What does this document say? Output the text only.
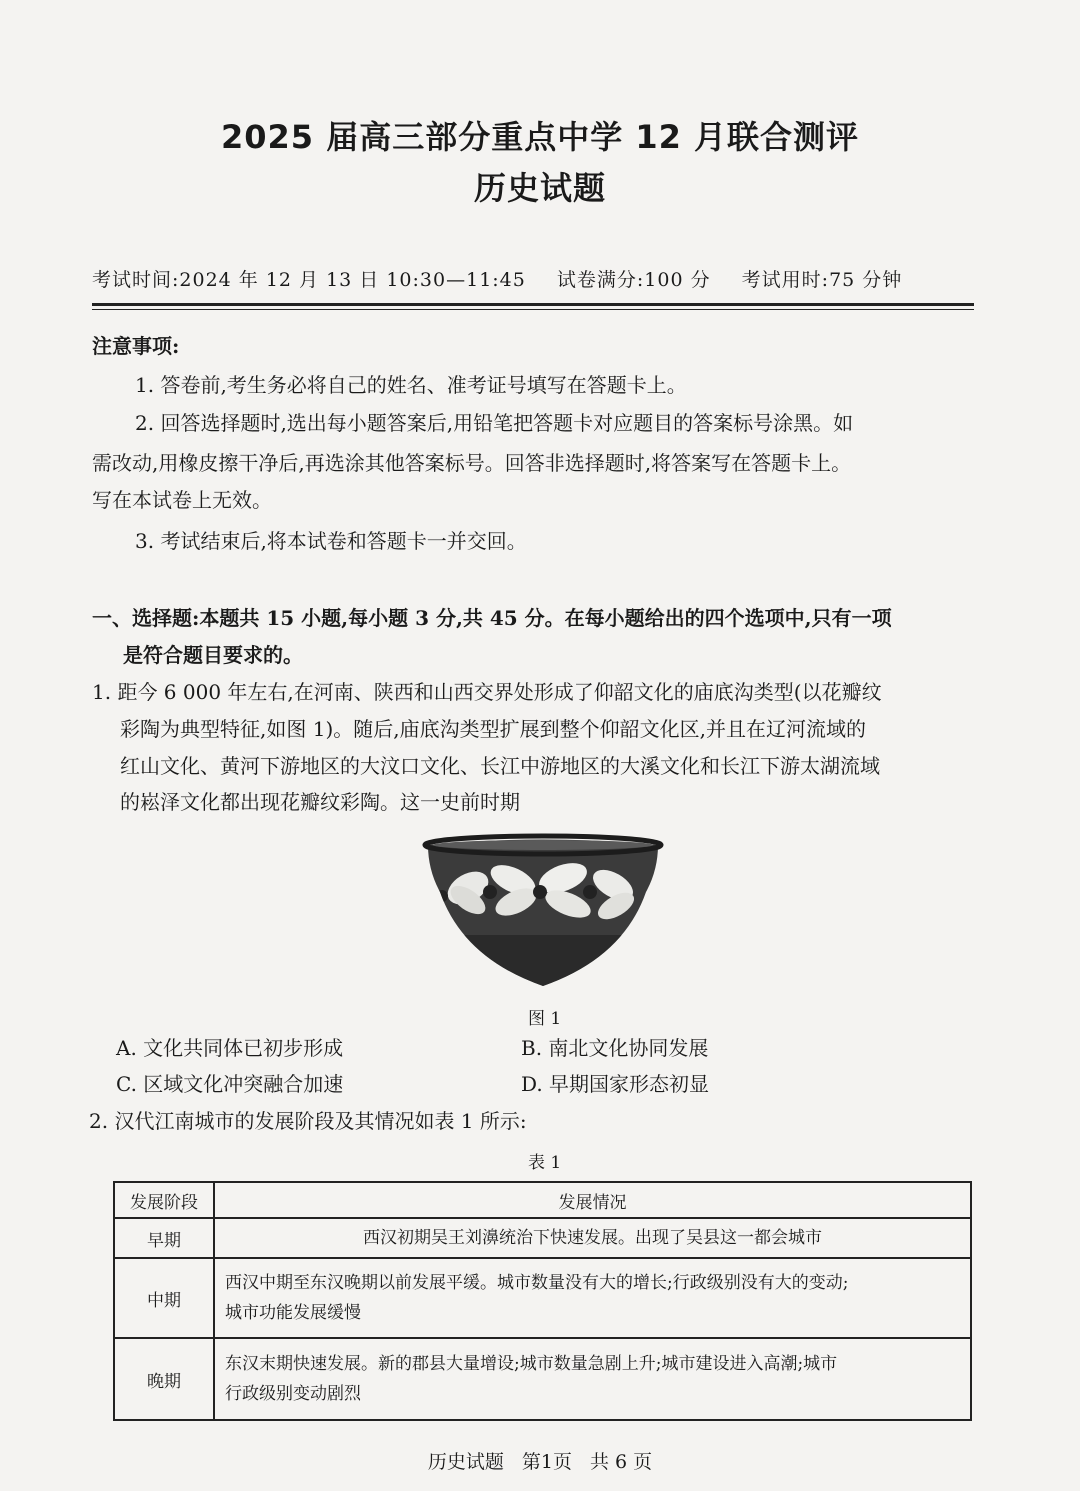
2025 届高三部分重点中学 12 月联合测评
历史试题
考试时间:2024 年 12 月 13 日 10:30—11:45 试卷满分:100 分 考试用时:75 分钟
注意事项:
1. 答卷前,考生务必将自己的姓名、准考证号填写在答题卡上。
2. 回答选择题时,选出每小题答案后,用铅笔把答题卡对应题目的答案标号涂黑。如
需改动,用橡皮擦干净后,再选涂其他答案标号。回答非选择题时,将答案写在答题卡上。
写在本试卷上无效。
3. 考试结束后,将本试卷和答题卡一并交回。
一、选择题:本题共 15 小题,每小题 3 分,共 45 分。在每小题给出的四个选项中,只有一项
是符合题目要求的。
1. 距今 6 000 年左右,在河南、陕西和山西交界处形成了仰韶文化的庙底沟类型(以花瓣纹
彩陶为典型特征,如图 1)。随后,庙底沟类型扩展到整个仰韶文化区,并且在辽河流域的
红山文化、黄河下游地区的大汶口文化、长江中游地区的大溪文化和长江下游太湖流域
的崧泽文化都出现花瓣纹彩陶。这一史前时期
图 1
A. 文化共同体已初步形成	B. 南北文化协同发展
C. 区域文化冲突融合加速	D. 早期国家形态初显
2. 汉代江南城市的发展阶段及其情况如表 1 所示:
表 1
发展阶段	发展情况
早期	西汉初期吴王刘濞统治下快速发展。出现了吴县这一都会城市
中期	西汉中期至东汉晚期以前发展平缓。城市数量没有大的增长;行政级别没有大的变动;
城市功能发展缓慢

晚期	东汉末期快速发展。新的郡县大量增设;城市数量急剧上升;城市建设进入高潮;城市
行政级别变动剧烈
历史试题 第1页 共 6 页
